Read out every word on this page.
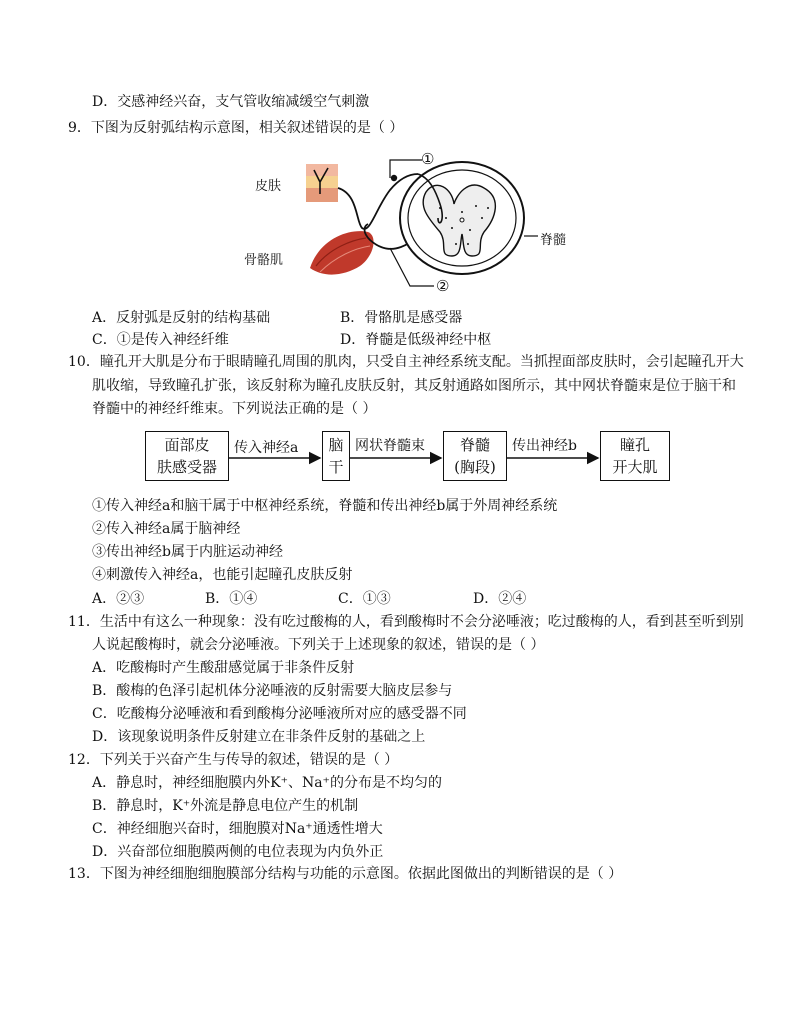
D．交感神经兴奋，支气管收缩减缓空气刺激
9．下图为反射弧结构示意图，相关叙述错误的是（ ）
皮肤
骨骼肌
脊髓
①
②
A．反射弧是反射的结构基础	B．骨骼肌是感受器
C．①是传入神经纤维	D．脊髓是低级神经中枢
10．瞳孔开大肌是分布于眼睛瞳孔周围的肌肉，只受自主神经系统支配。当抓捏面部皮肤时，会引起瞳孔开大
肌收缩，导致瞳孔扩张，该反射称为瞳孔皮肤反射，其反射通路如图所示，其中网状脊髓束是位于脑干和
脊髓中的神经纤维束。下列说法正确的是（ ）
面部皮
肤感受器
传入神经a 脑
干
网状脊髓束	脊髓
(胸段)
传出神经b	瞳孔
开大肌
①传入神经a和脑干属于中枢神经系统，脊髓和传出神经b属于外周神经系统
②传入神经a属于脑神经
③传出神经b属于内脏运动神经
④刺激传入神经a，也能引起瞳孔皮肤反射
A．②③	B．①④	C．①③	D．②④
11．生活中有这么一种现象：没有吃过酸梅的人，看到酸梅时不会分泌唾液；吃过酸梅的人，看到甚至听到别
人说起酸梅时，就会分泌唾液。下列关于上述现象的叙述，错误的是（ ）
A．吃酸梅时产生酸甜感觉属于非条件反射
B．酸梅的色泽引起机体分泌唾液的反射需要大脑皮层参与
C．吃酸梅分泌唾液和看到酸梅分泌唾液所对应的感受器不同
D．该现象说明条件反射建立在非条件反射的基础之上
12．下列关于兴奋产生与传导的叙述，错误的是（ ）
A．静息时，神经细胞膜内外K⁺、Na⁺的分布是不均匀的
B．静息时，K⁺外流是静息电位产生的机制
C．神经细胞兴奋时，细胞膜对Na⁺通透性增大
D．兴奋部位细胞膜两侧的电位表现为内负外正
13．下图为神经细胞细胞膜部分结构与功能的示意图。依据此图做出的判断错误的是（ ）
